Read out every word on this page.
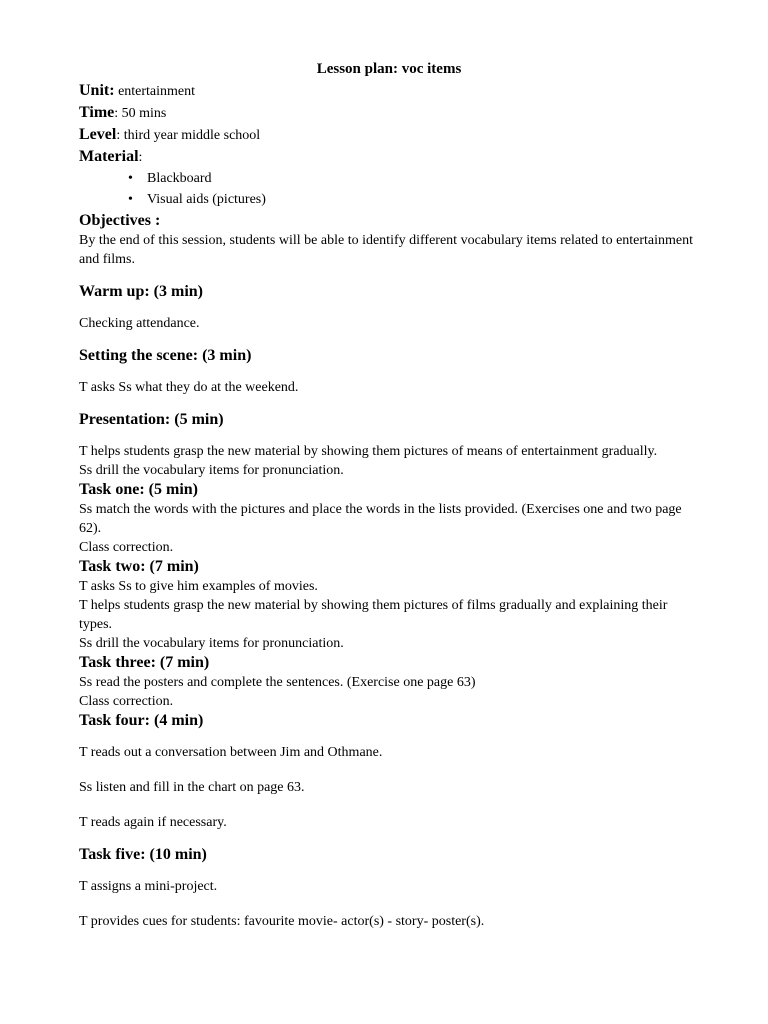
Lesson plan: voc items

Unit: entertainment

Time: 50 mins

Level: third year middle school

Material:

• Blackboard
• Visual aids (pictures)

Objectives :

By the end of this session, students will be able to identify different vocabulary items related to entertainment and films.

Warm up: (3 min)

Checking attendance.

Setting the scene: (3 min)

T asks Ss what they do at the weekend.

Presentation: (5 min)

T helps students grasp the new material by showing them pictures of means of entertainment gradually.

Ss drill the vocabulary items for pronunciation.

Task one: (5 min)

Ss match the words with the pictures and place the words in the lists provided. (Exercises one and two page 62).

Class correction.

Task two: (7 min)

T asks Ss to give him examples of movies.

T helps students grasp the new material by showing them pictures of films gradually and explaining their types.

Ss drill the vocabulary items for pronunciation.

Task three: (7 min)

Ss read the posters and complete the sentences. (Exercise one page 63)

Class correction.

Task four: (4 min)

T reads out a conversation between Jim and Othmane.

Ss listen and fill in the chart on page 63.

T reads again if necessary.

Task five: (10 min)

T assigns a mini-project.

T provides cues for students: favourite movie- actor(s) - story- poster(s).
